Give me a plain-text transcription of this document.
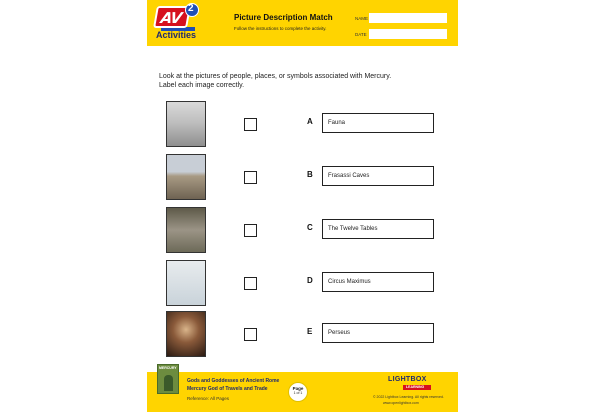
AV
2
Activities
Picture Description Match
Follow the instructions to complete the activity.
NAME
DATE
Look at the pictures of people, places, or symbols associated with Mercury.
Label each image correctly.
A	Fauna
B	Frasassi Caves
C	The Twelve Tables
D	Circus Maximus
E	Perseus
MERCURY
Gods and Goddesses of Ancient Rome
Mercury God of Travels and Trade
Reference: All Pages
Page
1 of 1
LIGHTBOX
LEARNING
© 2022 Lightbox Learning. All rights reserved.
www.openlightbox.com
